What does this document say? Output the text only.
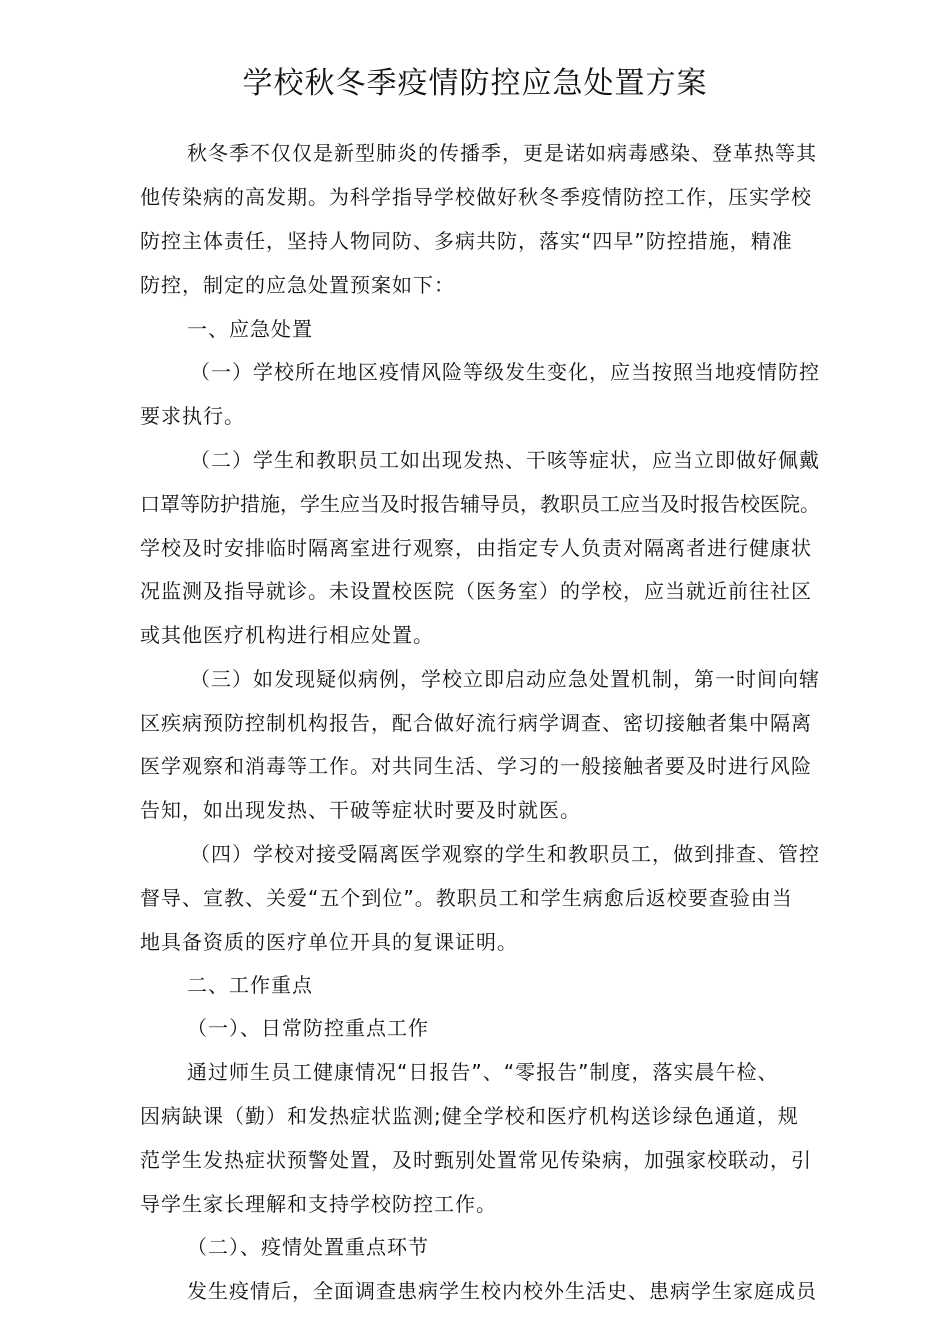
学校秋冬季疫情防控应急处置方案
秋冬季不仅仅是新型肺炎的传播季，更是诺如病毒感染、登革热等其
他传染病的高发期。为科学指导学校做好秋冬季疫情防控工作，压实学校
防控主体责任，坚持人物同防、多病共防，落实“四早”防控措施，精准
防控，制定的应急处置预案如下：
一、应急处置
（一）学校所在地区疫情风险等级发生变化，应当按照当地疫情防控
要求执行。
（二）学生和教职员工如出现发热、干咳等症状，应当立即做好佩戴
口罩等防护措施，学生应当及时报告辅导员，教职员工应当及时报告校医院。
学校及时安排临时隔离室进行观察，由指定专人负责对隔离者进行健康状
况监测及指导就诊。未设置校医院（医务室）的学校，应当就近前往社区
或其他医疗机构进行相应处置。
（三）如发现疑似病例，学校立即启动应急处置机制，第一时间向辖
区疾病预防控制机构报告，配合做好流行病学调查、密切接触者集中隔离
医学观察和消毒等工作。对共同生活、学习的一般接触者要及时进行风险
告知，如出现发热、干破等症状时要及时就医。
（四）学校对接受隔离医学观察的学生和教职员工，做到排查、管控
督导、宣教、关爱“五个到位”。教职员工和学生病愈后返校要查验由当
地具备资质的医疗单位开具的复课证明。
二、工作重点
（一）、日常防控重点工作
通过师生员工健康情况“日报告”、“零报告”制度，落实晨午检、
因病缺课（勤）和发热症状监测;健全学校和医疗机构送诊绿色通道，规
范学生发热症状预警处置，及时甄别处置常见传染病，加强家校联动，引
导学生家长理解和支持学校防控工作。
（二）、疫情处置重点环节
发生疫情后，全面调查患病学生校内校外生活史、患病学生家庭成员
